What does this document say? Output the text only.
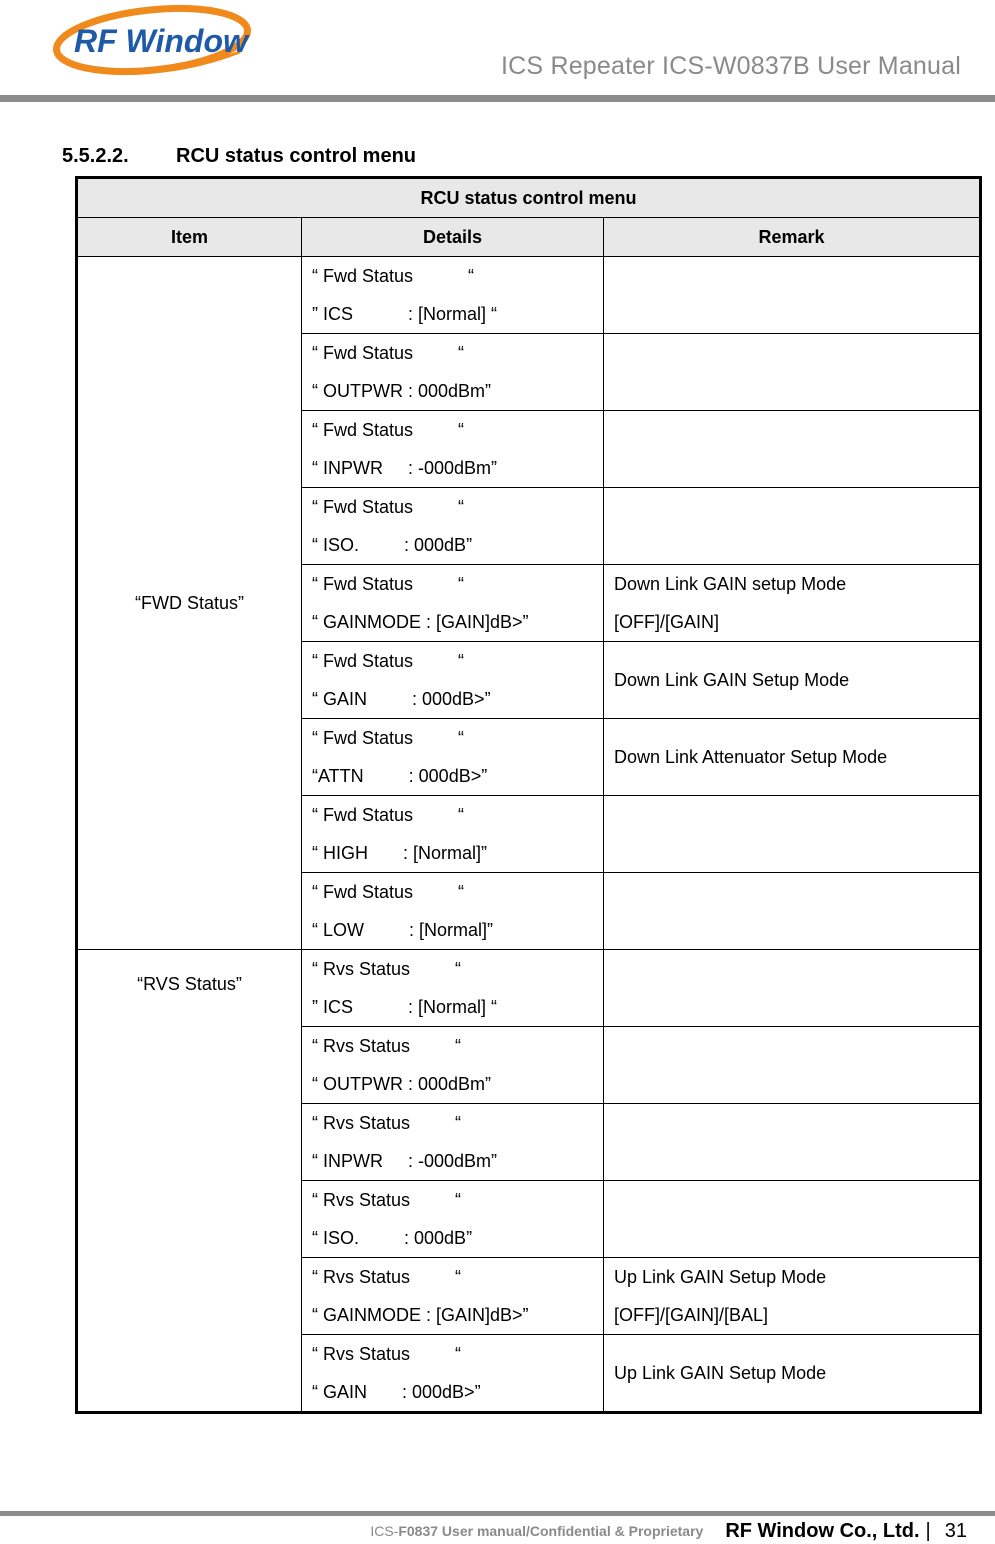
RF Window
ICS Repeater ICS-W0837B User Manual
5.5.2.2. RCU status control menu
RCU status control menu		
Item	Details	Remark
“FWD Status”	“ Fwd Status           “
” ICS           : [Normal] “	

	“ Fwd Status         “
“ OUTPWR : 000dBm”	

	“ Fwd Status         “
“ INPWR     : -000dBm”	

	“ Fwd Status         “
“ ISO.         : 000dB”	

	“ Fwd Status         “
“ GAINMODE : [GAIN]dB>”	Down Link GAIN setup Mode
[OFF]/[GAIN]

	“ Fwd Status         “
“ GAIN         : 000dB>”	Down Link GAIN Setup Mode

	“ Fwd Status         “
“ATTN         : 000dB>”	Down Link Attenuator Setup Mode

	“ Fwd Status         “
“ HIGH       : [Normal]”	

	“ Fwd Status         “
“ LOW         : [Normal]”	

“RVS Status”	“ Rvs Status         “
” ICS           : [Normal] “	

	“ Rvs Status         “
“ OUTPWR : 000dBm”	

	“ Rvs Status         “
“ INPWR     : -000dBm”	

	“ Rvs Status         “
“ ISO.         : 000dB”	

	“ Rvs Status         “
“ GAINMODE : [GAIN]dB>”	Up Link GAIN Setup Mode
[OFF]/[GAIN]/[BAL]

	“ Rvs Status         “
“ GAIN       : 000dB>”	Up Link GAIN Setup Mode
ICS-F0837 User manual/Confidential & Proprietary RF Window Co., Ltd. | 31
